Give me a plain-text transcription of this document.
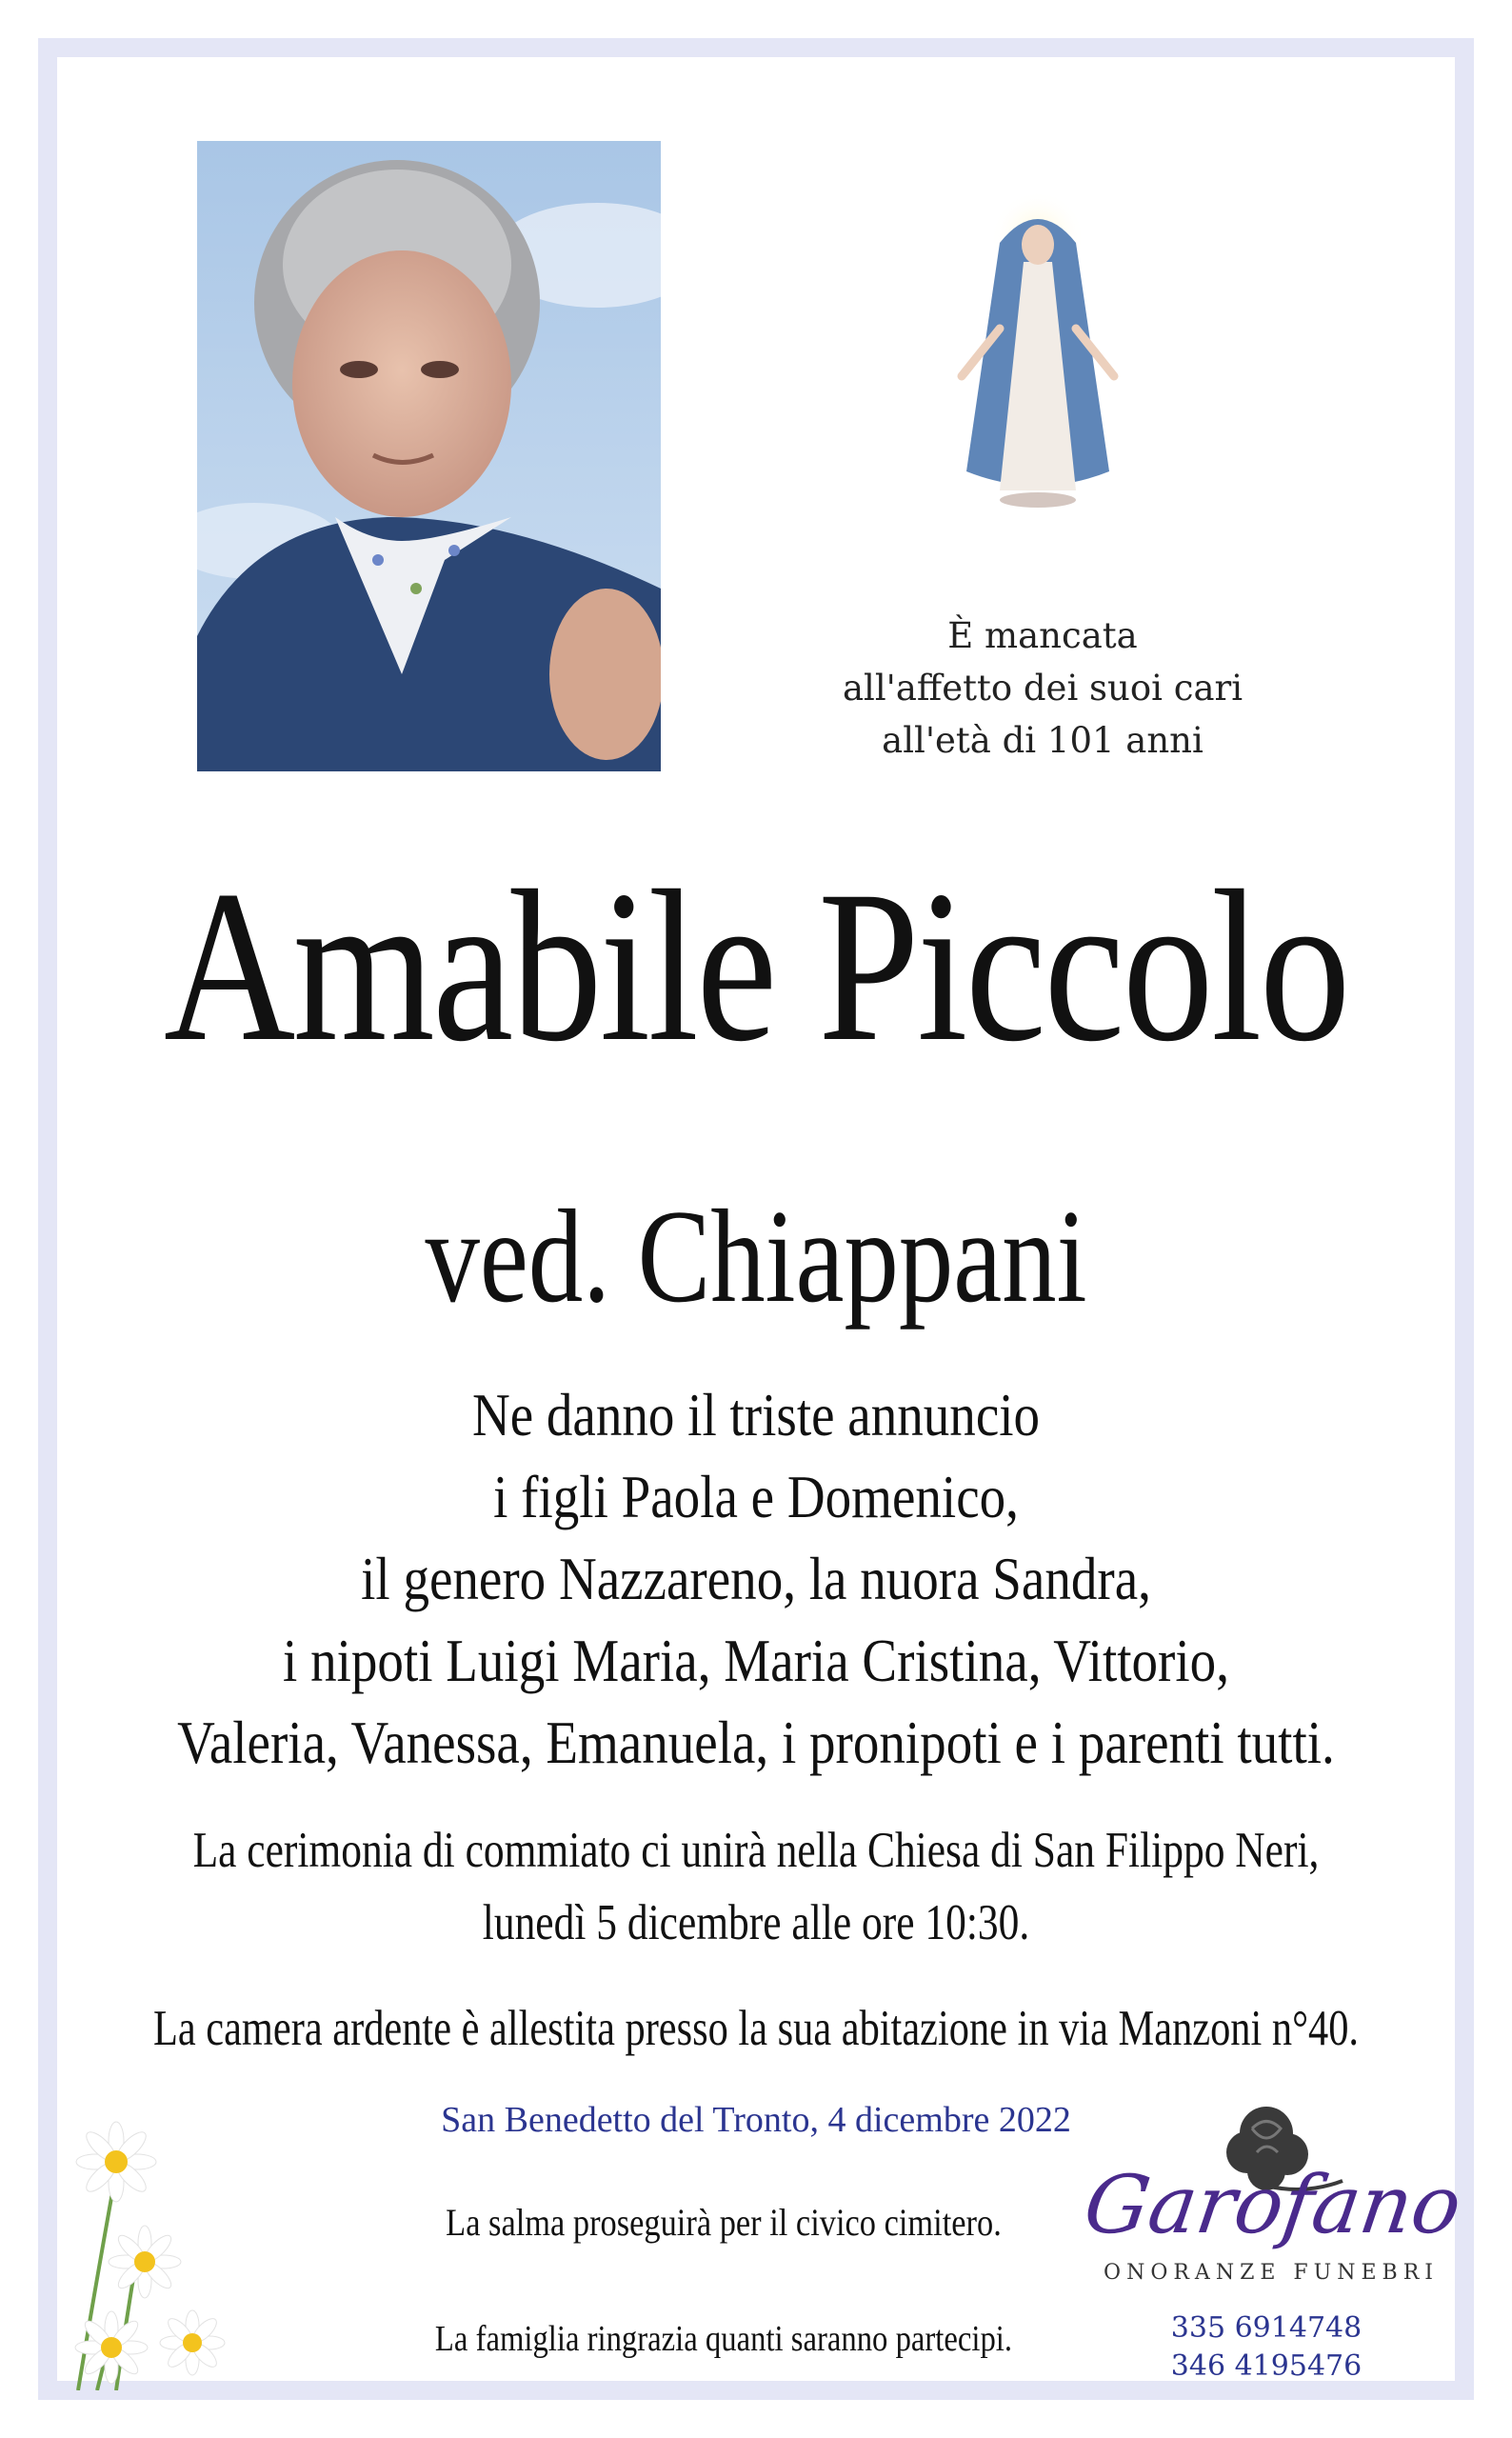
È mancata
all'affetto dei suoi cari
all'età di 101 anni
Amabile Piccolo
ved. Chiappani
Ne danno il triste annuncio
i figli Paola e Domenico,
il genero Nazzareno, la nuora Sandra,
i nipoti Luigi Maria, Maria Cristina, Vittorio,
Valeria, Vanessa, Emanuela, i pronipoti e i parenti tutti.
La cerimonia di commiato ci unirà nella Chiesa di San Filippo Neri,
lunedì 5 dicembre alle ore 10:30.
La camera ardente è allestita presso la sua abitazione in via Manzoni n°40.
San Benedetto del Tronto, 4 dicembre 2022
La salma proseguirà per il civico cimitero.
La famiglia ringrazia quanti saranno partecipi.
Garofano
ONORANZE FUNEBRI
335 6914748
346 4195476
